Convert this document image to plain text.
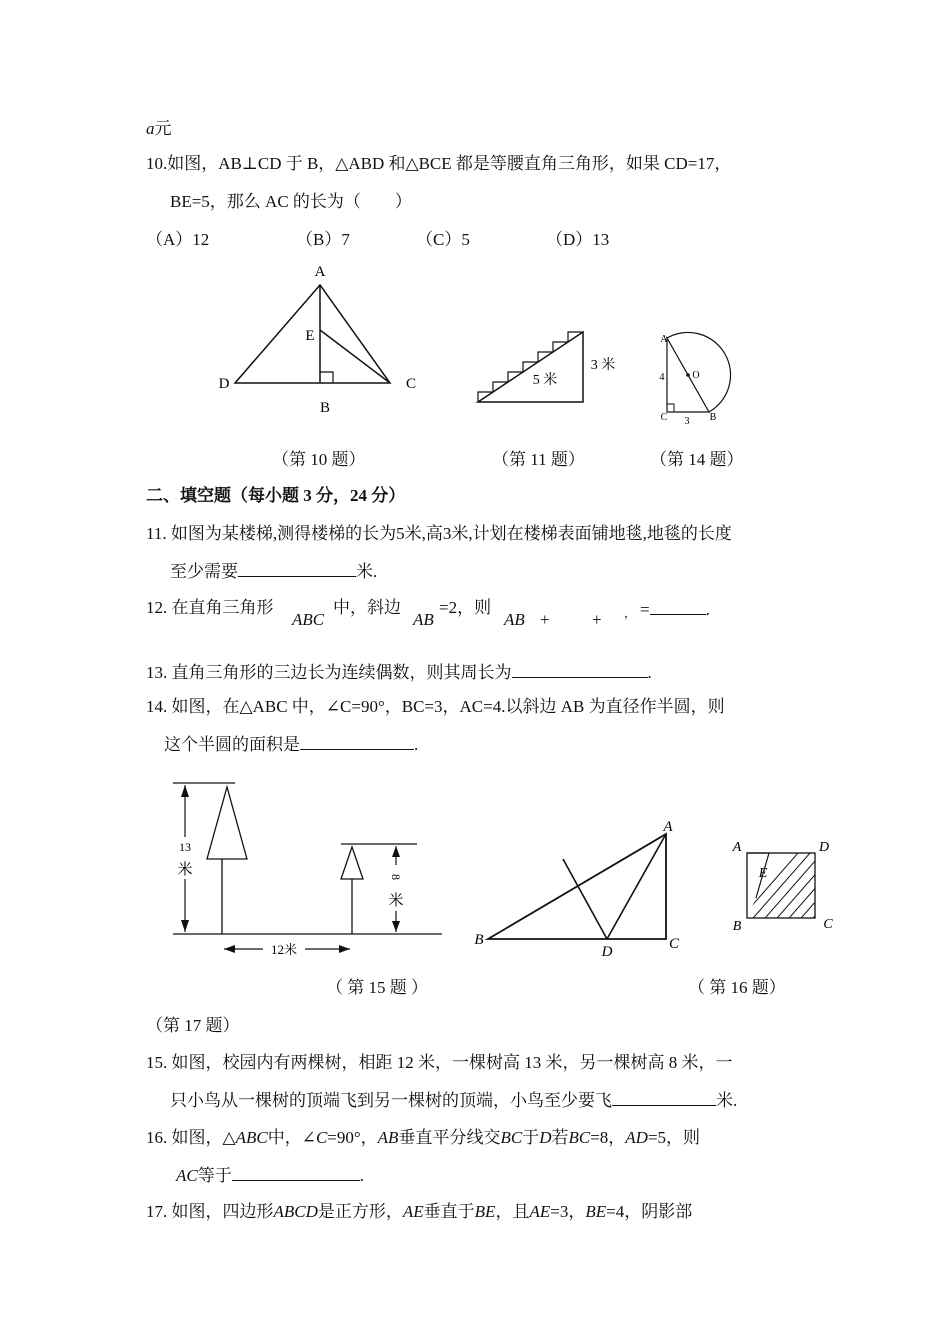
a元
10.如图，AB⊥CD 于 B，△ABD 和△BCE 都是等腰直角三角形，如果 CD=17，
BE=5，那么 AC 的长为（　　）
（A）12	（B）7	（C）5	（D）13
A
E
D	C
B
5 米
3 米
A
C	B
O
4
3
（第 10 题）	（第 11 题）	（第 14 题）
二、填空题（每小题 3 分，24 分）
11. 如图为某楼梯,测得楼梯的长为5米,高3米,计划在楼梯表面铺地毯,地毯的长度
至少需要	米.
12. 在直角三角形
ABC
中，斜边
AB
=2，则
AB + + ， =	.
13. 直角三角形的三边长为连续偶数，则其周长为	.
14. 如图，在△ABC 中，∠C=90°，BC=3，AC=4.以斜边 AB 为直径作半圆，则
这个半圆的面积是	.
13
米	8
米
12米
A
B
D	C
A	D
E
B	C
（ 第 15 题 ）	（ 第 16 题）
（第 17 题）
15. 如图，校园内有两棵树，相距 12 米，一棵树高 13 米，另一棵树高 8 米，一
只小鸟从一棵树的顶端飞到另一棵树的顶端，小鸟至少要飞	米.
16. 如图，△ABC中，∠C=90°，AB垂直平分线交BC于D若BC=8，AD=5，则
AC等于	.
17. 如图，四边形ABCD是正方形，AE垂直于BE，且AE=3，BE=4，阴影部
